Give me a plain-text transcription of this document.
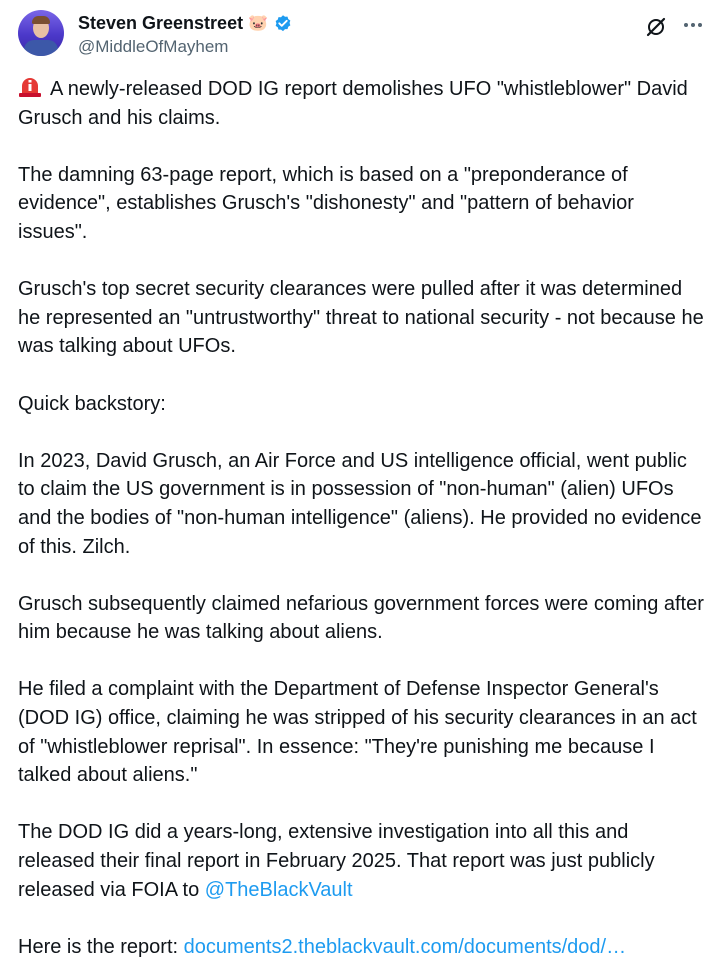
Steven Greenstreet 🐷
@MiddleOfMayhem

A newly-released DOD IG report demolishes UFO "whistleblower" David Grusch and his claims.

The damning 63-page report, which is based on a "preponderance of evidence", establishes Grusch's "dishonesty" and "pattern of behavior issues".

Grusch's top secret security clearances were pulled after it was determined he represented an "untrustworthy" threat to national security - not because he was talking about UFOs.

Quick backstory:

In 2023, David Grusch, an Air Force and US intelligence official, went public to claim the US government is in possession of "non-human" (alien) UFOs and the bodies of "non-human intelligence" (aliens). He provided no evidence of this. Zilch.

Grusch subsequently claimed nefarious government forces were coming after him because he was talking about aliens.

He filed a complaint with the Department of Defense Inspector General's (DOD IG) office, claiming he was stripped of his security clearances in an act of "whistleblower reprisal". In essence: "They're punishing me because I talked about aliens."

The DOD IG did a years-long, extensive investigation into all this and released their final report in February 2025. That report was just publicly released via FOIA to @TheBlackVault

Here is the report: documents2.theblackvault.com/documents/dod/…
